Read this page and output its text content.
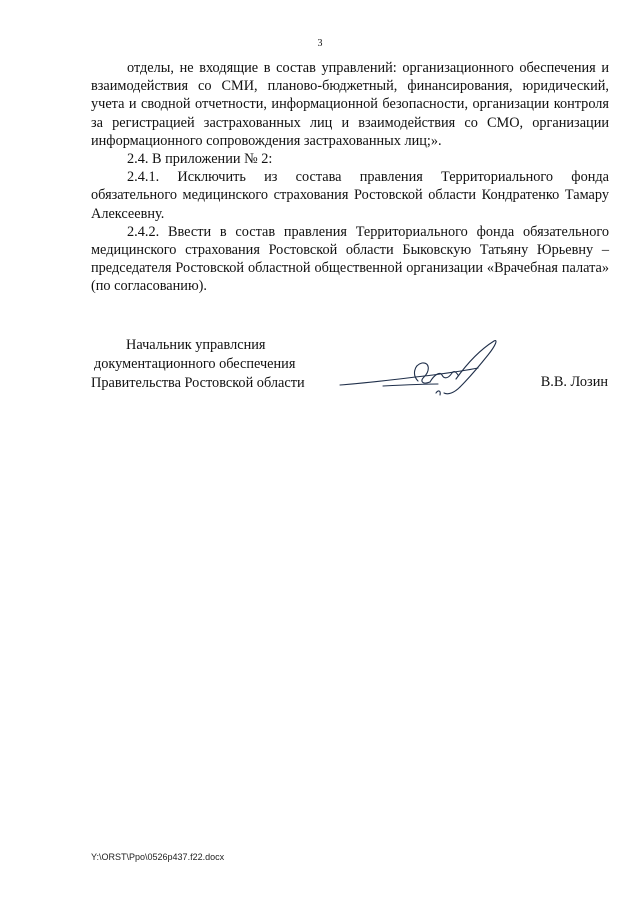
3

отделы, не входящие в состав управлений: организационного обеспечения и взаимодействия со СМИ, планово-бюджетный, финансирования, юридический, учета и сводной отчетности, информационной безопасности, организации контроля за регистрацией застрахованных лиц и взаимодействия со СМО, организации информационного сопровождения застрахованных лиц;».

2.4. В приложении № 2:

2.4.1. Исключить из состава правления Территориального фонда обязательного медицинского страхования Ростовской области Кондратенко Тамару Алексеевну.

2.4.2. Ввести в состав правления Территориального фонда обязательного медицинского страхования Ростовской области Быковскую Татьяну Юрьевну – председателя Ростовской областной общественной организации «Врачебная палата» (по согласованию).

Начальник управлсния
документационного обеспечения
Правительства Ростовской области	В.В. Лозин
Y:\ORST\Ppo\0526p437.f22.docx
